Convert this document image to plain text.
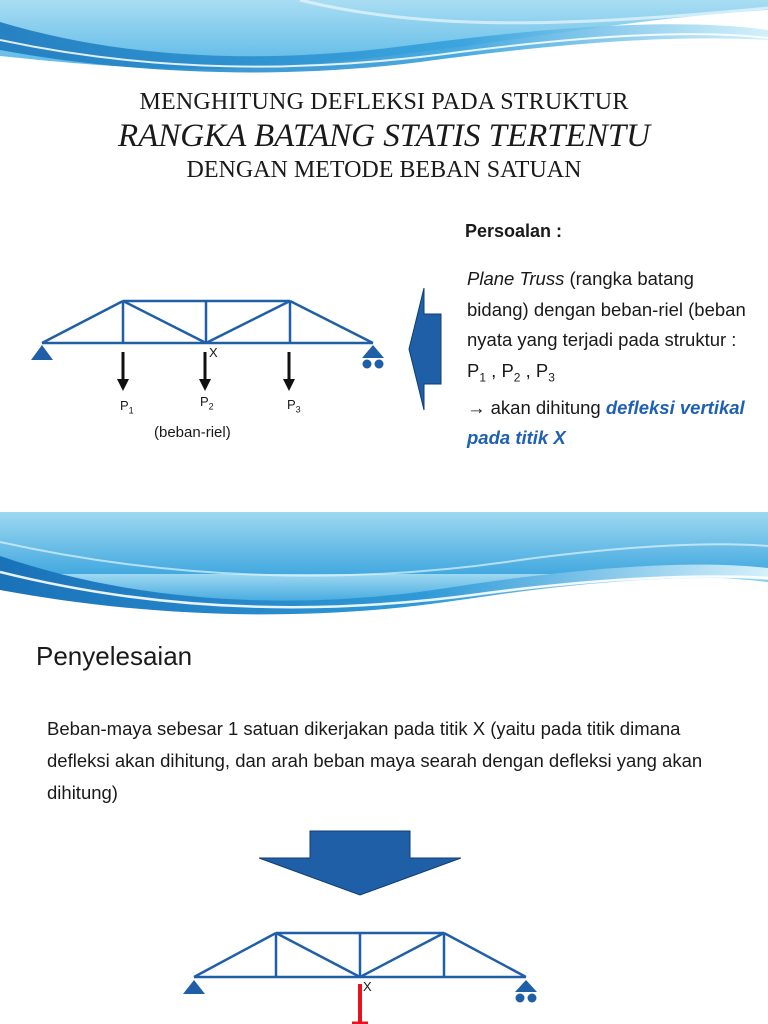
MENGHITUNG DEFLEKSI PADA STRUKTUR
RANGKA BATANG STATIS TERTENTU
DENGAN METODE BEBAN SATUAN
X
$P_1$
$P_2$	$P_3$
(beban-riel)
Persoalan :
Plane Truss (rangka batang bidang) dengan beban-riel (beban nyata yang terjadi pada struktur : $P_1$ , $P_2$ , $P_3$
→ akan dihitung defleksi vertikal pada titik X
Penyelesaian
Beban-maya sebesar 1 satuan dikerjakan pada titik X (yaitu pada titik dimana defleksi akan dihitung, dan arah beban maya searah dengan defleksi yang akan dihitung)
X
